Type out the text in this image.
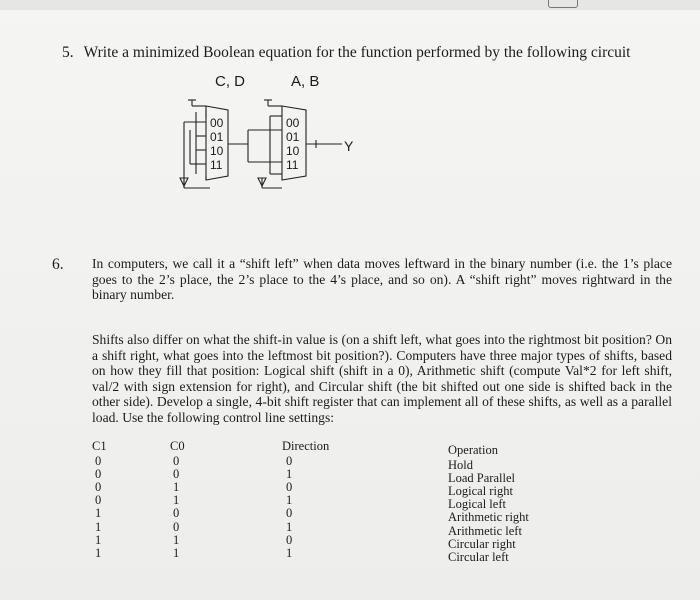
5. Write a minimized Boolean equation for the function performed by the following circuit
C, D	A, B
00
01
10
11
00
01
10
11
Y
6. In computers, we call it a “shift left” when data moves leftward in the binary number (i.e. the 1’s place goes to the 2’s place, the 2’s place to the 4’s place, and so on). A “shift right” moves rightward in the binary number.
Shifts also differ on what the shift-in value is (on a shift left, what goes into the rightmost bit position? On a shift right, what goes into the leftmost bit position?). Computers have three major types of shifts, based on how they fill that position: Logical shift (shift in a 0), Arithmetic shift (compute Val*2 for left shift, val/2 with sign extension for right), and Circular shift (the bit shifted out one side is shifted back in the other side). Develop a single, 4-bit shift register that can implement all of these shifts, as well as a parallel load. Use the following control line settings:
C1
0
0
0
0
1
1
1
1
C0
0
0
1
1
0
0
1
1
Direction
0
1
0
1
0
1
0
1
Operation
Hold
Load Parallel
Logical right
Logical left
Arithmetic right
Arithmetic left
Circular right
Circular left
